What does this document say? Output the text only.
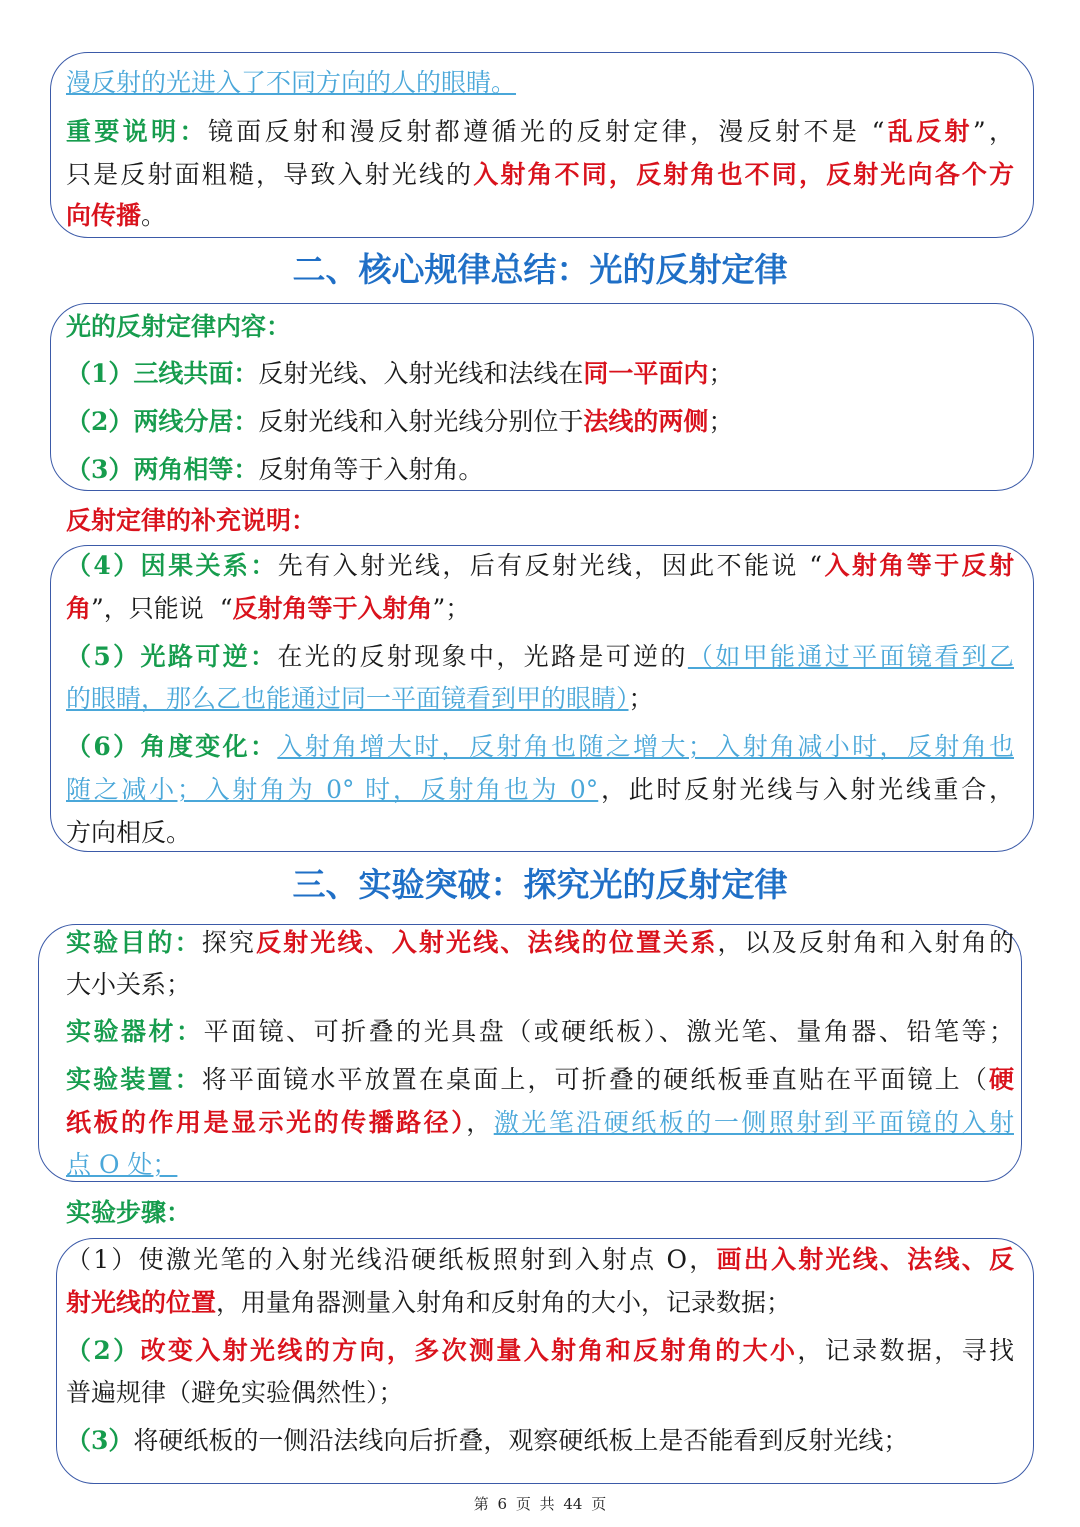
漫反射的光进入了不同方向的人的眼睛。
重要说明：镜面反射和漫反射都遵循光的反射定律，漫反射不是 “乱反射”，
只是反射面粗糙，导致入射光线的入射角不同，反射角也不同，反射光向各个方
向传播。
二、核心规律总结：光的反射定律
光的反射定律内容：
（1）三线共面：反射光线、入射光线和法线在同一平面内；
（2）两线分居：反射光线和入射光线分别位于法线的两侧；
（3）两角相等：反射角等于入射角。
反射定律的补充说明：
（4）因果关系：先有入射光线，后有反射光线，因此不能说 “入射角等于反射
角”，只能说 “反射角等于入射角”；
（5）光路可逆：在光的反射现象中，光路是可逆的（如甲能通过平面镜看到乙
的眼睛，那么乙也能通过同一平面镜看到甲的眼睛）；
（6）角度变化：入射角增大时，反射角也随之增大；入射角减小时，反射角也
随之减小；入射角为 0° 时，反射角也为 0°，此时反射光线与入射光线重合，
方向相反。
三、实验突破：探究光的反射定律
实验目的：探究反射光线、入射光线、法线的位置关系，以及反射角和入射角的
大小关系；
实验器材：平面镜、可折叠的光具盘（或硬纸板）、激光笔、量角器、铅笔等；
实验装置：将平面镜水平放置在桌面上，可折叠的硬纸板垂直贴在平面镜上（硬
纸板的作用是显示光的传播路径），激光笔沿硬纸板的一侧照射到平面镜的入射
点 O 处；
实验步骤：
（1）使激光笔的入射光线沿硬纸板照射到入射点 O，画出入射光线、法线、反
射光线的位置，用量角器测量入射角和反射角的大小，记录数据；
（2）改变入射光线的方向，多次测量入射角和反射角的大小，记录数据，寻找
普遍规律（避免实验偶然性）；
（3）将硬纸板的一侧沿法线向后折叠，观察硬纸板上是否能看到反射光线；
第 6 页 共 44 页
